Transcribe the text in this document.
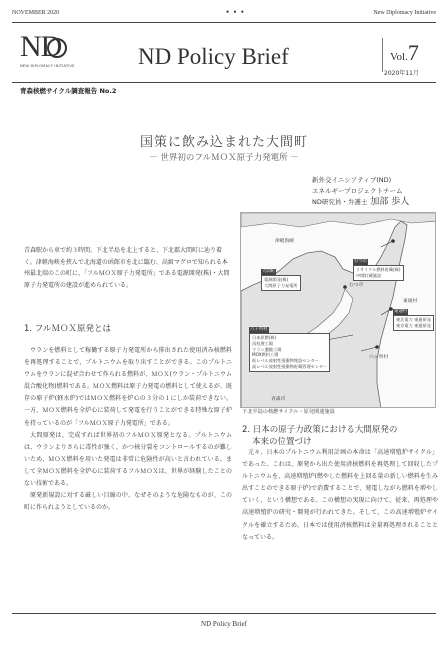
NOVEMBER 2020	• • •	New Diplomacy Initiative
ND
NEW DIPLOMACY INITIATIVE	ND Policy Brief	Vol.7
2020年11月
青森核燃サイクル調査報告 No.2
国策に飲み込まれた大間町
－ 世界初のフルＭＯＸ原子力発電所 －
新外交イニシアティブ(ND)
エネルギープロジェクトチーム
ND研究員・弁護士 加部 歩人
青森駅から車で約３時間、下北半島を北上すると、下北郡大間町に辿り着く。津軽海峡を挟んで北海道の函館市を北に臨む、高級マグロで知られる本州最北端のこの町に、「フルＭＯＸ原子力発電所」である電源開発(株)・大間原子力発電所の建設が進められている。
1. フルＭＯＸ原発とは

ウランを燃料として稼働する原子力発電所から排出された使用済み核燃料を再処理することで、プルトニウムを取り出すことができる。このプルトニウムをウランに混ぜ合わせて作られる燃料が、ＭＯＸ(ウラン・プルトニウム混合酸化物)燃料である。ＭＯＸ燃料は原子力発電の燃料として使えるが、既存の原子炉(軽水炉)ではＭＯＸ燃料を炉心の３分の１にしか装荷できない。一方、ＭＯＸ燃料を全炉心に装荷して発電を行うことができる特殊な原子炉を持っているのが「フルＭＯＸ原子力発電所」である。

大間原発は、完成すれば世界初のフルＭＯＸ原発となる。プルトニウムは、ウランよりさらに毒性が強く、かつ核分裂をコントロールするのが難しいため、ＭＯＸ燃料を用いた発電は非常に危険性が高いと言われている。まして全ＭＯＸ燃料を全炉心に装荷するフルＭＯＸは、世界が経験したことのない技術である。

原発新規設に対する厳しい目線の中、なぜそのような危険なものが、この町に作られようとしているのか。

津軽海峡
むつ市
六ヶ所村
東通村
青森市
大間町
電源開発(株)
大間原子力発電所
むつ市
リサイクル燃料貯蔵(株)
中間貯蔵施設
東通村
東北電力 東通原発
東京電力 東通原発
六ヶ所村
日本原燃(株)
再処理工場
ウラン濃縮工場
MOX燃料工場
低レベル放射性廃棄物埋設センター
高レベル放射性廃棄物貯蔵管理センター
下北半島の核燃サイクル・原発関連施設
2. 日本の原子力政策における大間原発の
本来の位置づけ

元々、日本のプルトニウム利用計画の本命は「高速増殖炉サイクル」であった。これは、原発から出た使用済核燃料を再処理して回収したプルトニウムを、高速増殖炉(燃やした燃料を上回る量の新しい燃料を生み出すことのできる原子炉)で消費することで、発電しながら燃料を増やしていく、という構想である。この構想の実現に向けて、従来、再処理や高速増殖炉の研究・開発が行われてきた。そして、この高速増殖炉サイクルを確立するため、日本では使用済核燃料は全量再処理されることとなっている。

ND Policy Brief
